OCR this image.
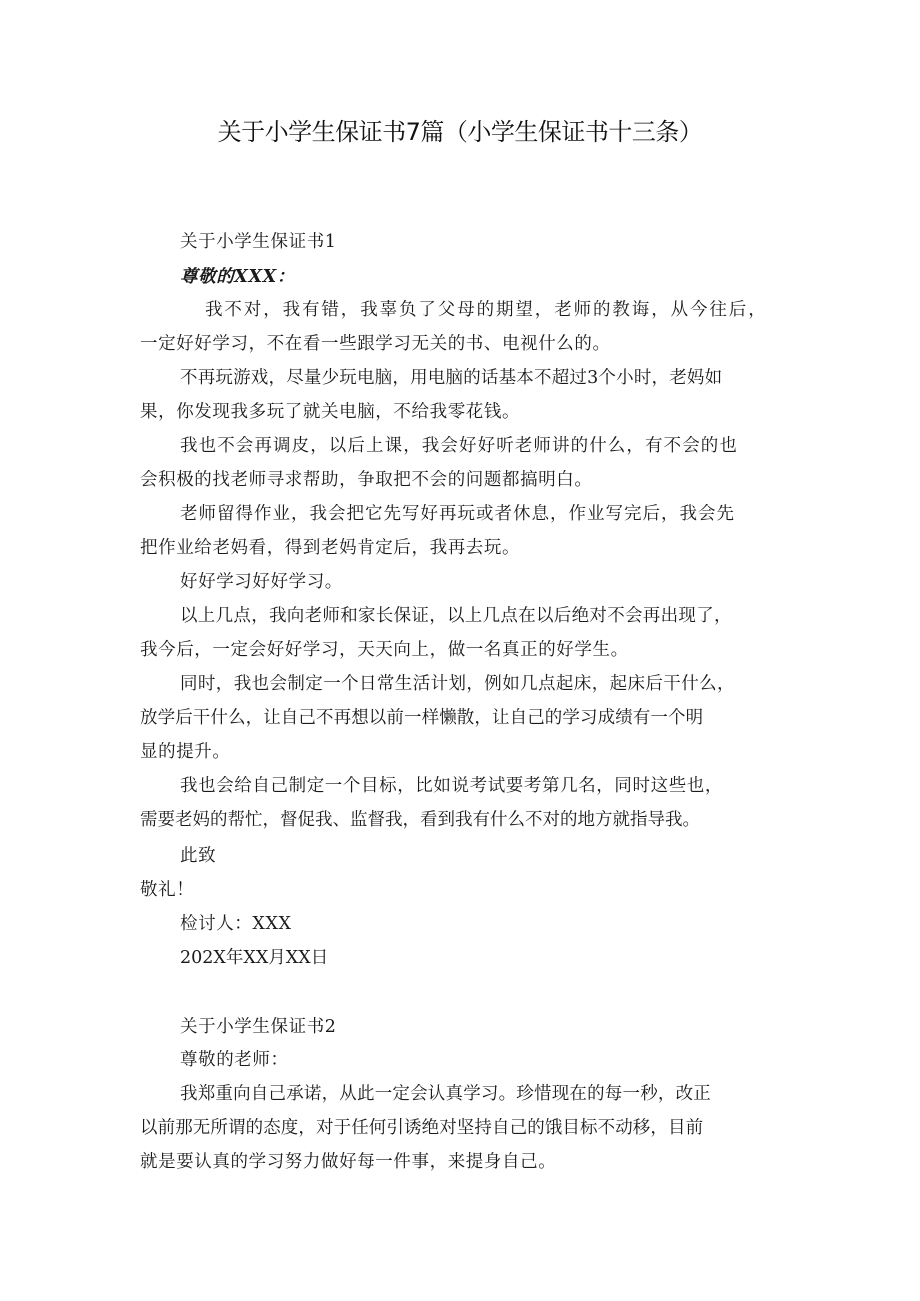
关于小学生保证书7篇（小学生保证书十三条）
关于小学生保证书1
尊敬的XXX：
我不对，我有错，我辜负了父母的期望，老师的教诲，从今往后，
一定好好学习，不在看一些跟学习无关的书、电视什么的。
不再玩游戏，尽量少玩电脑，用电脑的话基本不超过3个小时，老妈如
果，你发现我多玩了就关电脑，不给我零花钱。
我也不会再调皮，以后上课，我会好好听老师讲的什么，有不会的也
会积极的找老师寻求帮助，争取把不会的问题都搞明白。
老师留得作业，我会把它先写好再玩或者休息，作业写完后，我会先
把作业给老妈看，得到老妈肯定后，我再去玩。
好好学习好好学习。
以上几点，我向老师和家长保证，以上几点在以后绝对不会再出现了，
我今后，一定会好好学习，天天向上，做一名真正的好学生。
同时，我也会制定一个日常生活计划，例如几点起床，起床后干什么，
放学后干什么，让自己不再想以前一样懒散，让自己的学习成绩有一个明
显的提升。
我也会给自己制定一个目标，比如说考试要考第几名，同时这些也，
需要老妈的帮忙，督促我、监督我，看到我有什么不对的地方就指导我。
此致
敬礼！
检讨人：XXX
202X年XX月XX日
关于小学生保证书2
尊敬的老师：
我郑重向自己承诺，从此一定会认真学习。珍惜现在的每一秒，改正
以前那无所谓的态度，对于任何引诱绝对坚持自己的饿目标不动移，目前
就是要认真的学习努力做好每一件事，来提身自己。
